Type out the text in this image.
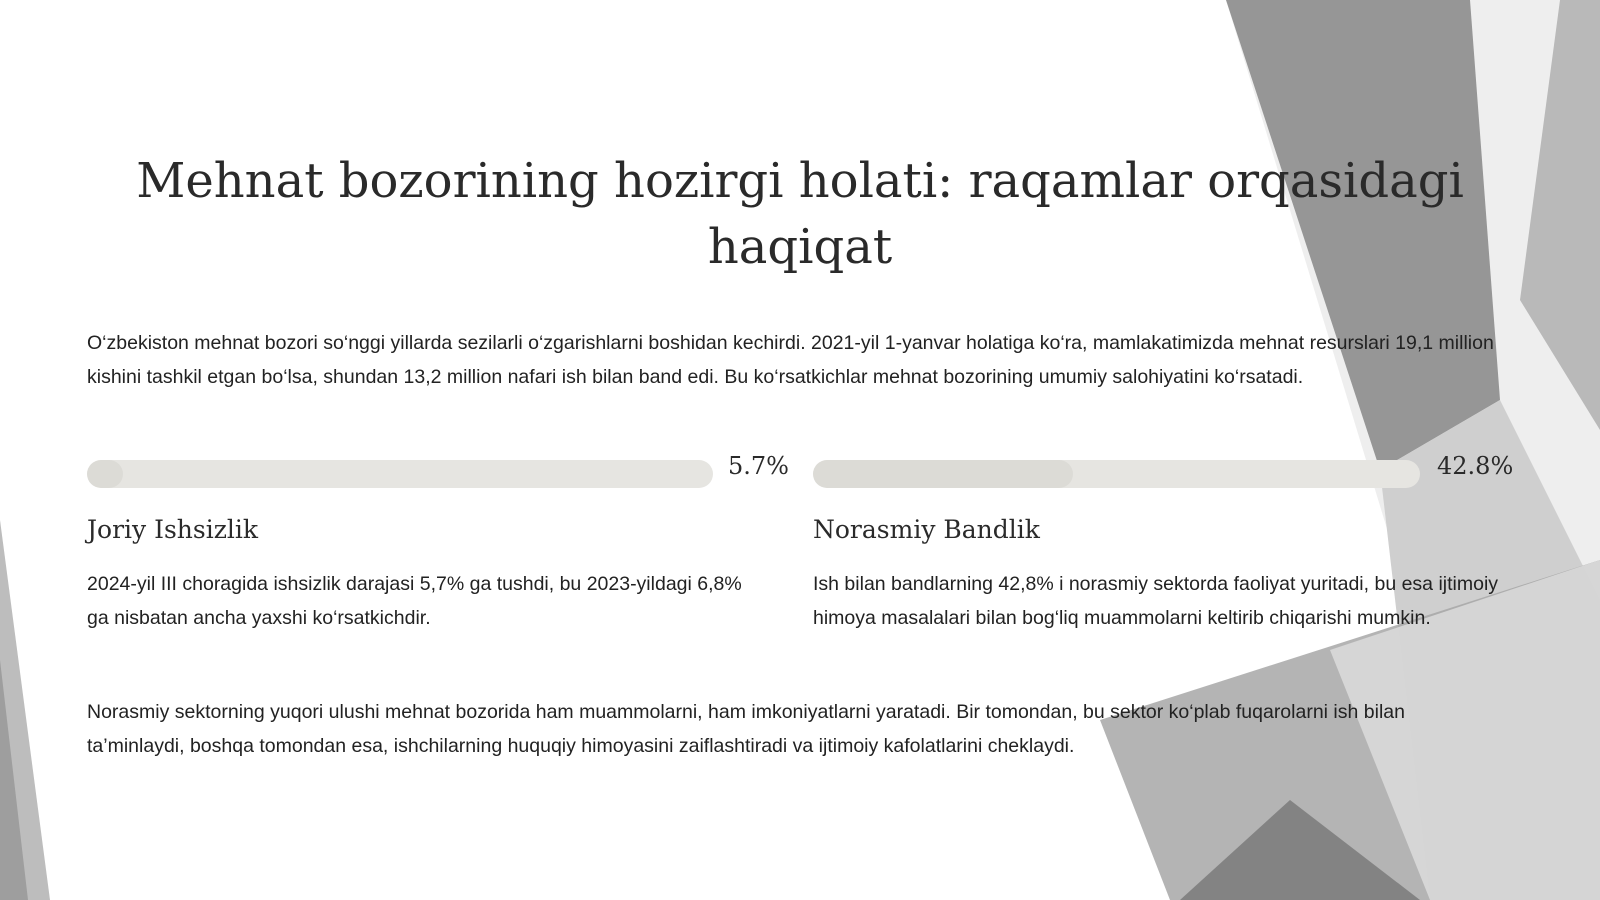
Mehnat bozorining hozirgi holati: raqamlar orqasidagi haqiqat

O‘zbekiston mehnat bozori so‘nggi yillarda sezilarli o‘zgarishlarni boshidan kechirdi. 2021-yil 1-yanvar holatiga ko‘ra, mamlakatimizda mehnat resurslari 19,1 million kishini tashkil etgan bo‘lsa, shundan 13,2 million nafari ish bilan band edi. Bu ko‘rsatkichlar mehnat bozorining umumiy salohiyatini ko‘rsatadi.

5.7%
Joriy Ishsizlik

2024-yil III choragida ishsizlik darajasi 5,7% ga tushdi, bu 2023-yildagi 6,8% ga nisbatan ancha yaxshi ko‘rsatkichdir.

42.8%
Norasmiy Bandlik

Ish bilan bandlarning 42,8% i norasmiy sektorda faoliyat yuritadi, bu esa ijtimoiy himoya masalalari bilan bog‘liq muammolarni keltirib chiqarishi mumkin.

Norasmiy sektorning yuqori ulushi mehnat bozorida ham muammolarni, ham imkoniyatlarni yaratadi. Bir tomondan, bu sektor ko‘plab fuqarolarni ish bilan ta’minlaydi, boshqa tomondan esa, ishchilarning huquqiy himoyasini zaiflashtiradi va ijtimoiy kafolatlarini cheklaydi.
